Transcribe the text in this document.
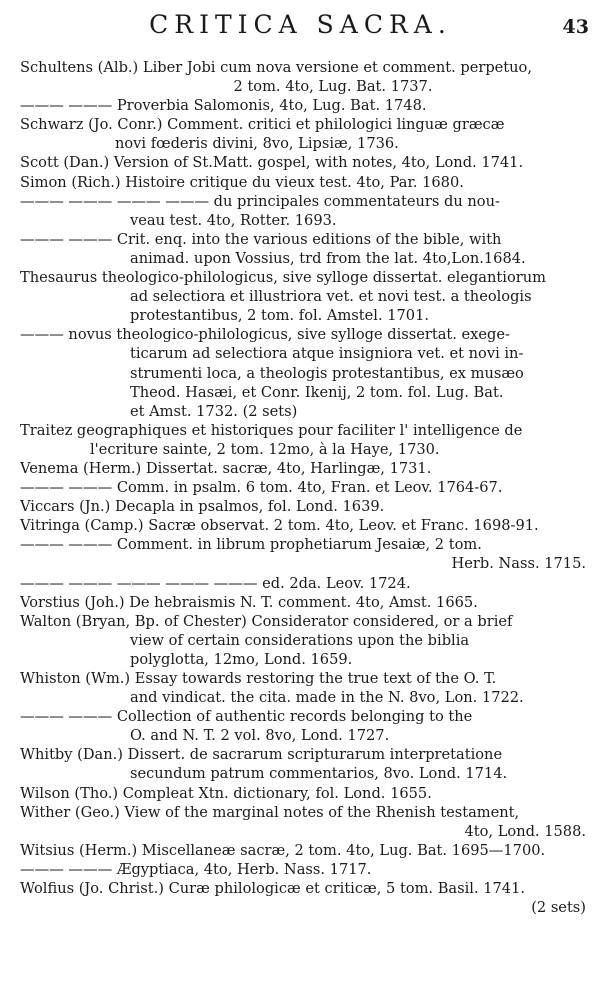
CRITICA SACRA.	43
Schultens (Alb.) Liber Jobi cum nova versione et comment. perpetuo,
2 tom. 4to, Lug. Bat. 1737.
——— ——— Proverbia Salomonis, 4to, Lug. Bat. 1748.
Schwarz (Jo. Conr.) Comment. critici et philologici linguæ græcæ
novi fœderis divini, 8vo, Lipsiæ, 1736.
Scott (Dan.) Version of St.Matt. gospel, with notes, 4to, Lond. 1741.
Simon (Rich.) Histoire critique du vieux test. 4to, Par. 1680.
——— ——— ——— ——— du principales commentateurs du nou-
veau test. 4to, Rotter. 1693.
——— ——— Crit. enq. into the various editions of the bible, with
animad. upon Vossius, trd from the lat. 4to,Lon.1684.
Thesaurus theologico-philologicus, sive sylloge dissertat. elegantiorum
ad selectiora et illustriora vet. et novi test. a theologis
protestantibus, 2 tom. fol. Amstel. 1701.
——— novus theologico-philologicus, sive sylloge dissertat. exege-
ticarum ad selectiora atque insigniora vet. et novi in-
strumenti loca, a theologis protestantibus, ex musæo
Theod. Hasæi, et Conr. Ikenij, 2 tom. fol. Lug. Bat.
et Amst. 1732. (2 sets)
Traitez geographiques et historiques pour faciliter l' intelligence de
l'ecriture sainte, 2 tom. 12mo, à la Haye, 1730.
Venema (Herm.) Dissertat. sacræ, 4to, Harlingæ, 1731.
——— ——— Comm. in psalm. 6 tom. 4to, Fran. et Leov. 1764-67.
Viccars (Jn.) Decapla in psalmos, fol. Lond. 1639.
Vitringa (Camp.) Sacræ observat. 2 tom. 4to, Leov. et Franc. 1698-91.
——— ——— Comment. in librum prophetiarum Jesaiæ, 2 tom.
Herb. Nass. 1715.
——— ——— ——— ——— ——— ed. 2da. Leov. 1724.
Vorstius (Joh.) De hebraismis N. T. comment. 4to, Amst. 1665.
Walton (Bryan, Bp. of Chester) Considerator considered, or a brief
view of certain considerations upon the biblia
polyglotta, 12mo, Lond. 1659.
Whiston (Wm.) Essay towards restoring the true text of the O. T.
and vindicat. the cita. made in the N. 8vo, Lon. 1722.
——— ——— Collection of authentic records belonging to the
O. and N. T. 2 vol. 8vo, Lond. 1727.
Whitby (Dan.) Dissert. de sacrarum scripturarum interpretatione
secundum patrum commentarios, 8vo. Lond. 1714.
Wilson (Tho.) Compleat Xtn. dictionary, fol. Lond. 1655.
Wither (Geo.) View of the marginal notes of the Rhenish testament,
4to, Lond. 1588.
Witsius (Herm.) Miscellaneæ sacræ, 2 tom. 4to, Lug. Bat. 1695—1700.
——— ——— Ægyptiaca, 4to, Herb. Nass. 1717.
Wolfius (Jo. Christ.) Curæ philologicæ et criticæ, 5 tom. Basil. 1741.
(2 sets)
